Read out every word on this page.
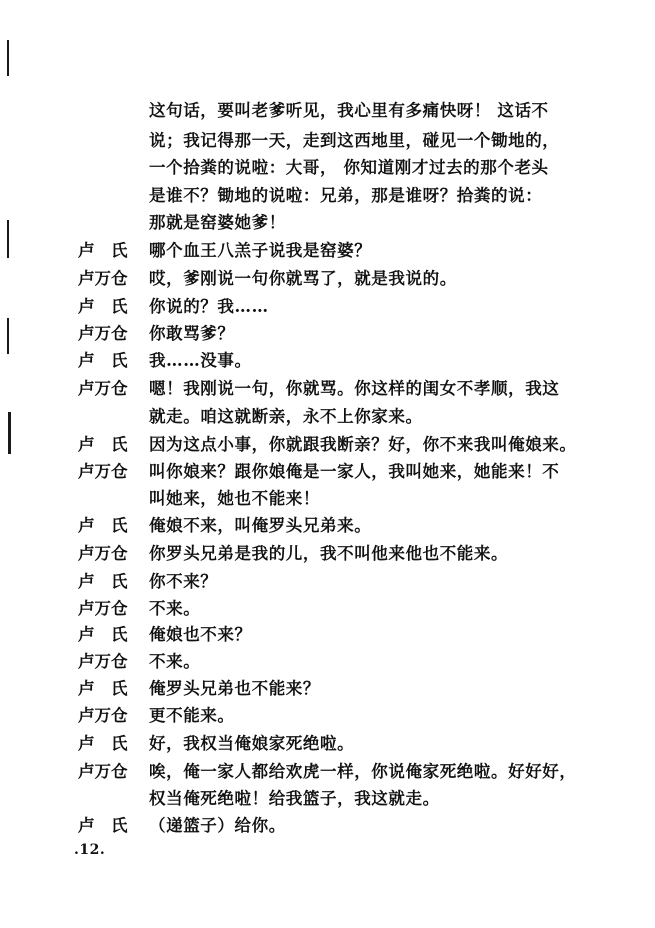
这句话，要叫老爹听见，我心里有多痛快呀！ 这话不
说；我记得那一天，走到这西地里，碰见一个锄地的，
一个拾粪的说啦：大哥， 你知道刚才过去的那个老头
是谁不？锄地的说啦：兄弟，那是谁呀？拾粪的说：
那就是窑婆她爹！
卢　氏	哪个血王八羔子说我是窑婆？
卢万仓	哎，爹刚说一句你就骂了，就是我说的。
卢　氏	你说的？我……
卢万仓	你敢骂爹？
卢　氏	我……没事。
卢万仓	嗯！我刚说一句，你就骂。你这样的闺女不孝顺，我这
就走。咱这就断亲，永不上你家来。
卢　氏	因为这点小事，你就跟我断亲？好，你不来我叫俺娘来。
卢万仓	叫你娘来？跟你娘俺是一家人，我叫她来，她能来！不
叫她来，她也不能来！
卢　氏	俺娘不来，叫俺罗头兄弟来。
卢万仓	你罗头兄弟是我的儿，我不叫他来他也不能来。
卢　氏	你不来？
卢万仓	不来。
卢　氏	俺娘也不来？
卢万仓	不来。
卢　氏	俺罗头兄弟也不能来？
卢万仓	更不能来。
卢　氏	好，我权当俺娘家死绝啦。
卢万仓	唉，俺一家人都给欢虎一样，你说俺家死绝啦。好好好，
权当俺死绝啦！给我篮子，我这就走。
卢　氏	（递篮子）给你。
.12.
